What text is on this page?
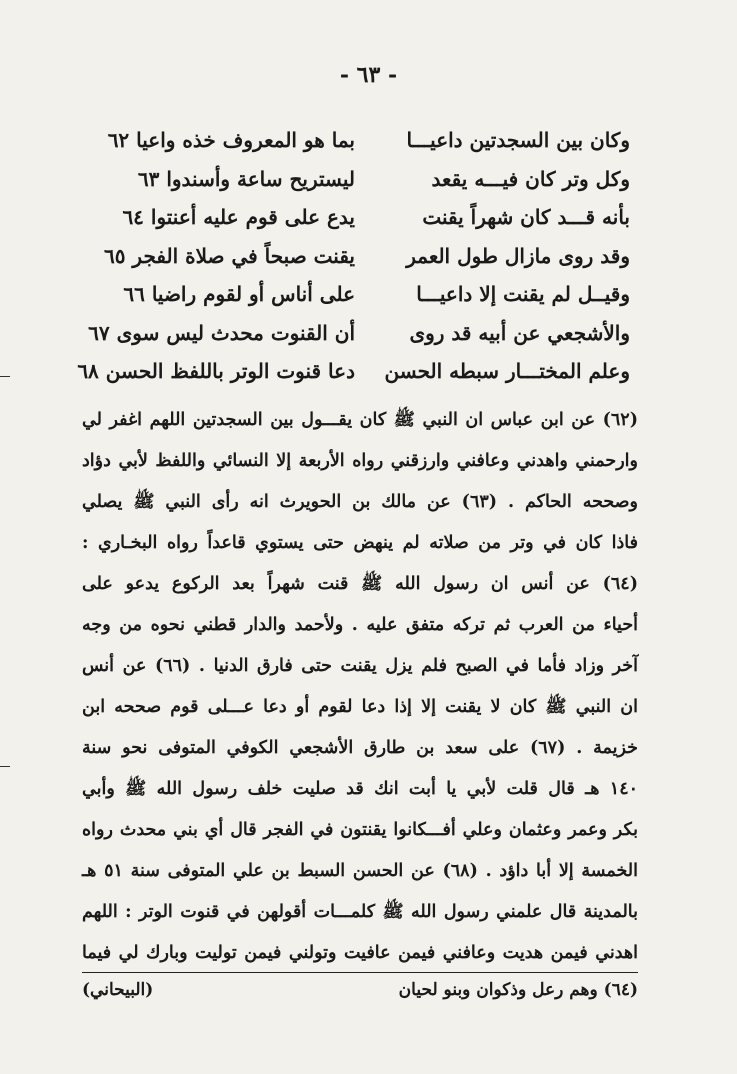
- ٦٣ -
وكان بين السجدتين داعيـــا
بما هو المعروف خذه واعيا ٦٢
وكل وتر كان فيـــه يقعد
ليستريح ساعة وأسندوا ٦٣
بأنه قـــد كان شهراً يقنت
يدع على قوم عليه أعنتوا ٦٤
وقد روى مازال طول العمر
يقنت صبحاً في صلاة الفجر ٦٥
وقيــل لم يقنت إلا داعيـــا
على أناس أو لقوم راضيا ٦٦
والأشجعي عن أبيه قد روى
أن القنوت محدث ليس سوى ٦٧
وعلم المختـــار سبطه الحسن
دعا قنوت الوتر باللفظ الحسن ٦٨

(٦٢) عن ابن عباس ان النبي ﷺ كان يقـــول بين السجدتين اللهم اغفر لي

وارحمني واهدني وعافني وارزقني رواه الأربعة إلا النسائي واللفظ لأبي دؤاد

وصححه الحاكم . (٦٣) عن مالك بن الحويرث انه رأى النبي ﷺ يصلي

فاذا كان في وتر من صلاته لم ينهض حتى يستوي قاعداً رواه البخـاري :

(٦٤) عن أنس ان رسول الله ﷺ قنت شهراً بعد الركوع يدعو على

أحياء من العرب ثم تركه متفق عليه . ولأحمد والدار قطني نحوه من وجه

آخر وزاد فأما في الصبح فلم يزل يقنت حتى فارق الدنيا . (٦٦) عن أنس

ان النبي ﷺ كان لا يقنت إلا إذا دعا لقوم أو دعا عـــلى قوم صححه ابن

خزيمة . (٦٧) على سعد بن طارق الأشجعي الكوفي المتوفى نحو سنة

١٤٠ هـ قال قلت لأبي يا أبت انك قد صليت خلف رسول الله ﷺ وأبي

بكر وعمر وعثمان وعلي أفـــكانوا يقنتون في الفجر قال أي بني محدث رواه

الخمسة إلا أبا داؤد . (٦٨) عن الحسن السبط بن علي المتوفى سنة ٥١ هـ

بالمدينة قال علمني رسول الله ﷺ كلمـــات أقولهن في قنوت الوتر : اللهم

اهدني فيمن هديت وعافني فيمن عافيت وتولني فيمن توليت وبارك لي فيما

(٦٤) وهم رعل وذكوان وبنو لحيان
(البيحاني)
